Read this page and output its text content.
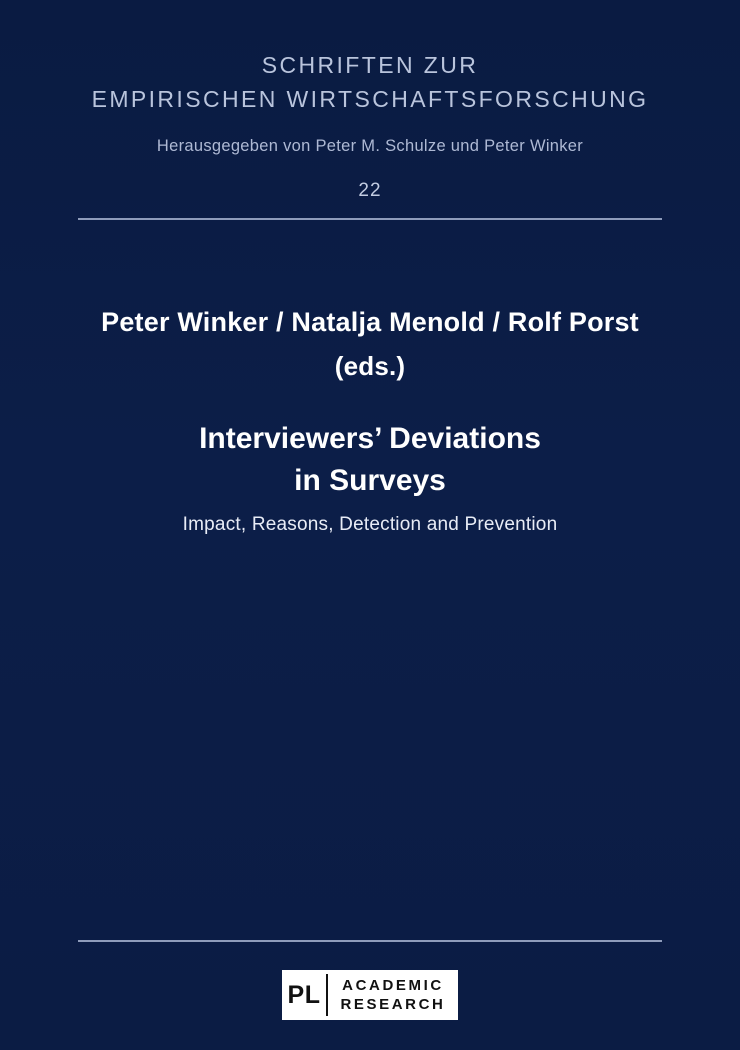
SCHRIFTEN ZUR
EMPIRISCHEN WIRTSCHAFTSFORSCHUNG
Herausgegeben von Peter M. Schulze und Peter Winker
22
Peter Winker / Natalja Menold / Rolf Porst
(eds.)
Interviewers’ Deviations
in Surveys
Impact, Reasons, Detection and Prevention
PL	ACADEMIC
RESEARCH
